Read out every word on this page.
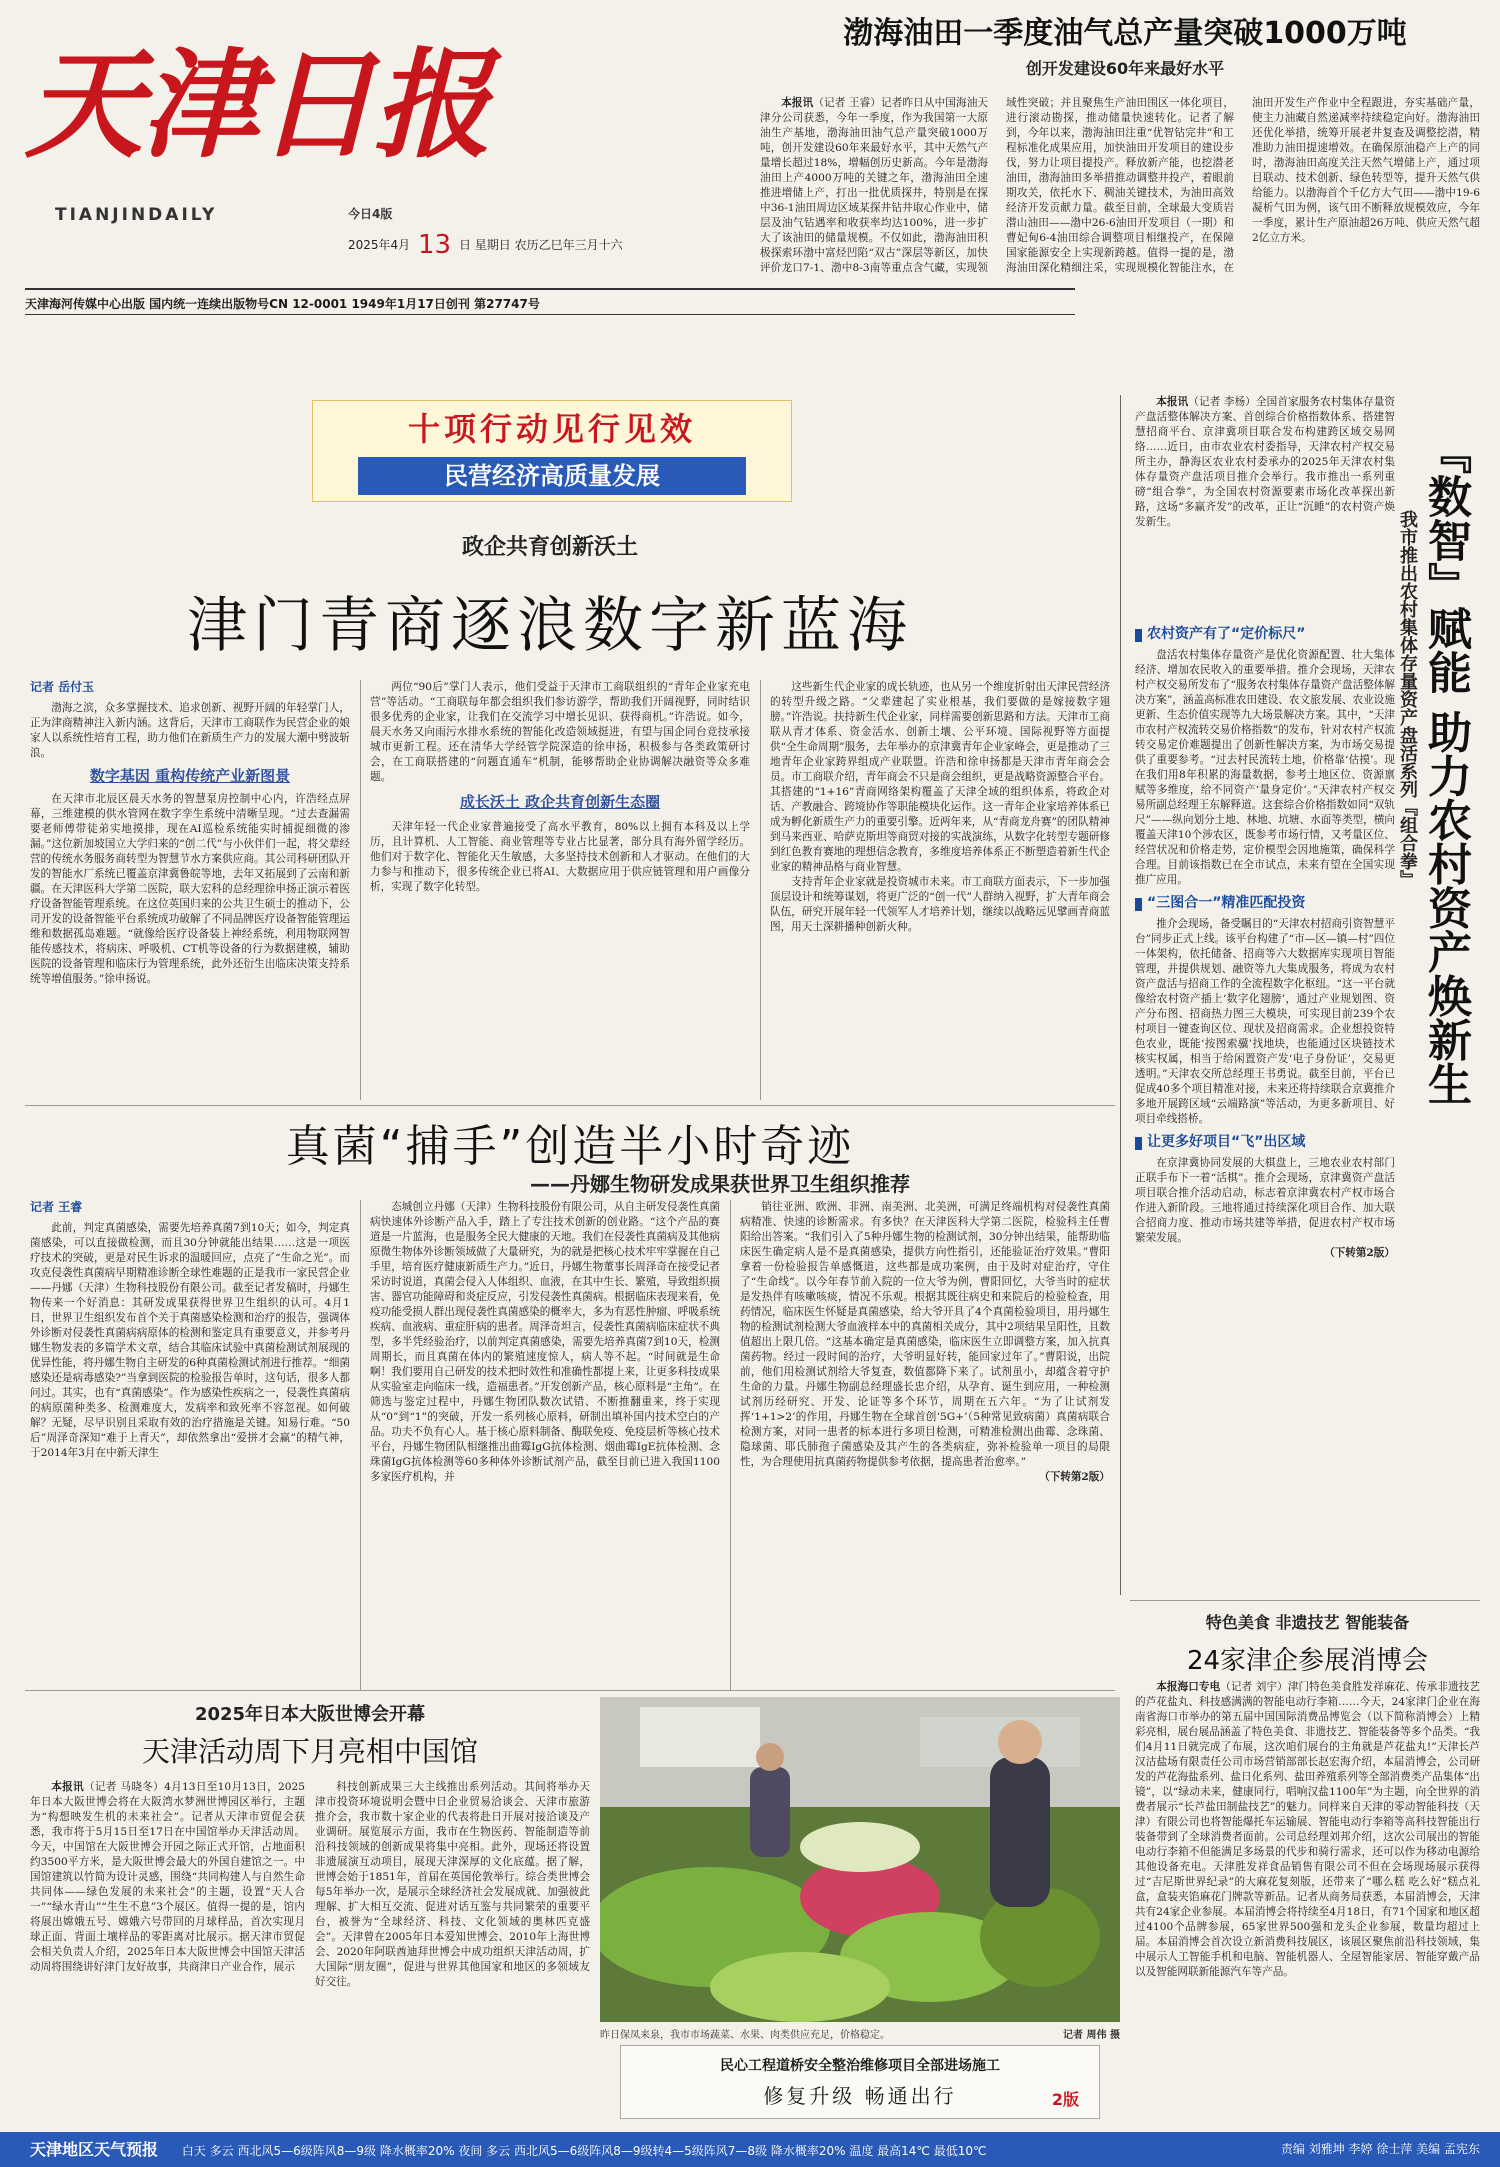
天津日报
TIANJINDAILY	今日4版
2025年4月 13 日 星期日 农历乙巳年三月十六
天津海河传媒中心出版 国内统一连续出版物号CN 12-0001 1949年1月17日创刊 第27747号
渤海油田一季度油气总产量突破1000万吨
创开发建设60年来最好水平

本报讯（记者 王睿）记者昨日从中国海油天津分公司获悉，今年一季度，作为我国第一大原油生产基地，渤海油田油气总产量突破1000万吨，创开发建设60年来最好水平，其中天然气产量增长超过18%，增幅创历史新高。今年是渤海油田上产4000万吨的关键之年，渤海油田全速推进增储上产，打出一批优质探井，特别是在探中36-1油田周边区域某探井钻井取心作业中，储层及油气钻遇率和收获率均达100%，进一步扩大了该油田的储量规模。不仅如此，渤海油田积极探索环渤中富烃凹陷“双古”深层等新区，加快评价龙口7-1、渤中8-3南等重点含气藏，实现领域性突破；并且聚焦生产油田围区一体化项目，进行滚动勘探，推动储量快速转化。记者了解到，今年以来，渤海油田注重“优智钻完井”和工程标准化成果应用，加快油田开发项目的建设步伐，努力让项目提投产。释放新产能，也挖潜老油田，渤海油田多举措推动调整井投产，着眼前期攻关，依托水下、稠油关键技术，为油田高效经济开发贡献力量。截至目前，全球最大变质岩潜山油田——渤中26-6油田开发项目（一期）和曹妃甸6-4油田综合调整项目相继投产，在保障国家能源安全上实现新跨越。值得一提的是，渤海油田深化精细注采，实现规模化智能注水，在油田开发生产作业中全程跟进，夯实基础产量，使主力油藏自然递减率持续稳定向好。渤海油田还优化举措，统筹开展老井复查及调整挖潜，精准助力油田提速增效。在确保原油稳产上产的同时，渤海油田高度关注天然气增储上产，通过项目联动、技术创新、绿色转型等，提升天然气供给能力。以渤海首个千亿方大气田——渤中19-6凝析气田为例，该气田不断释放规模效应，今年一季度，累计生产原油超26万吨、供应天然气超2亿立方米。

十项行动见行见效
民营经济高质量发展
政企共育创新沃土
津门青商逐浪数字新蓝海
记者 岳付玉

渤海之滨，众多掌握技术、追求创新、视野开阔的年轻掌门人，正为津商精神注入新内涵。这背后，天津市工商联作为民营企业的娘家人以系统性培育工程，助力他们在新质生产力的发展大潮中劈波斩浪。

数字基因 重构传统产业新图景

在天津市北辰区晨天水务的智慧泵房控制中心内，许浩经点屏幕，三维建模的供水管网在数字孪生系统中清晰呈现。“过去查漏需要老师傅带徒弟实地摸排，现在AI巡检系统能实时捕捉细微的渗漏。”这位新加坡国立大学归来的“创二代”与小伙伴们一起，将父辈经营的传统水务服务商转型为智慧节水方案供应商。其公司科研团队开发的智能水厂系统已覆盖京津冀鲁皖等地，去年又拓展到了云南和新疆。在天津医科大学第二医院，联大宏科的总经理徐申扬正演示着医疗设备智能管理系统。在这位英国归来的公共卫生硕士的推动下，公司开发的设备智能平台系统成功破解了不同品牌医疗设备智能管理运维和数据孤岛难题。“就像给医疗设备装上神经系统，利用物联网智能传感技术，将病床、呼吸机、CT机等设备的行为数据建模，辅助医院的设备管理和临床行为管理系统，此外还衍生出临床决策支持系统等增值服务。”徐申扬说。

两位“90后”掌门人表示，他们受益于天津市工商联组织的“青年企业家充电营”等活动。“工商联每年都会组织我们参访游学，帮助我们开阔视野，同时结识很多优秀的企业家，让我们在交流学习中增长见识、获得商机。”许浩说。如今，晨天水务又向雨污水排水系统的智能化改造领域挺进，有望与国企同台竞技承接城市更新工程。还在清华大学经管学院深造的徐申扬，积极参与各类政策研讨会，在工商联搭建的“问题直通车”机制，能够帮助企业协调解决融资等众多难题。

成长沃土 政企共育创新生态圈

天津年轻一代企业家普遍接受了高水平教育，80%以上拥有本科及以上学历，且计算机、人工智能、商业管理等专业占比显著，部分具有海外留学经历。他们对于数字化、智能化天生敏感，大多坚持技术创新和人才驱动。在他们的大力参与和推动下，很多传统企业已将AI、大数据应用于供应链管理和用户画像分析，实现了数字化转型。

这些新生代企业家的成长轨迹，也从另一个维度折射出天津民营经济的转型升级之路。“父辈建起了实业根基，我们要做的是嫁接数字翅膀。”许浩说。扶持新生代企业家，同样需要创新思路和方法。天津市工商联从青才体系、资金活水、创新土壤、公平环境、国际视野等方面提供“全生命周期”服务，去年举办的京津冀青年企业家峰会，更是推动了三地青年企业家跨界组成产业联盟。许浩和徐申扬都是天津市青年商会会员。市工商联介绍，青年商会不只是商会组织，更是战略资源整合平台。其搭建的“1+16”青商网络架构覆盖了天津全域的组织体系，将政企对话、产教融合、跨境协作等职能模块化运作。这一青年企业家培养体系已成为孵化新质生产力的重要引擎。近两年来，从“青商龙舟赛”的团队精神到马来西亚、哈萨克斯坦等商贸对接的实战演练，从数字化转型专题研修到红色教育赛地的理想信念教育，多维度培养体系正不断塑造着新生代企业家的精神品格与商业智慧。

支持青年企业家就是投资城市未来。市工商联方面表示，下一步加强顶层设计和统筹谋划，将更广泛的“创一代”人群纳入视野，扩大青年商会队伍，研究开展年轻一代领军人才培养计划，继续以战略远见擘画青商蓝图，用天土深耕播种创新火种。

本报讯（记者 李杨）全国首家服务农村集体存量资产盘活整体解决方案、首创综合价格指数体系、搭建智慧招商平台、京津冀项目联合发布构建跨区域交易网络……近日，由市农业农村委指导，天津农村产权交易所主办，静海区农业农村委承办的2025年天津农村集体存量资产盘活项目推介会举行。我市推出一系列重磅“组合拳”，为全国农村资源要素市场化改革探出新路，这场“多赢齐发”的改革，正让“沉睡”的农村资产焕发新生。	『数智』赋能 助力农村资产焕新生
我市推出农村集体存量资产盘活系列『组合拳』
农村资产有了“定价标尺”

盘活农村集体存量资产是优化资源配置、壮大集体经济、增加农民收入的重要举措。推介会现场，天津农村产权交易所发布了“服务农村集体存量资产盘活整体解决方案”，涵盖高标准农田建设、农文旅发展、农业设施更新、生态价值实现等九大场景解决方案。其中，“天津市农村产权流转交易价格指数”的发布，针对农村产权流转交易定价难题提出了创新性解决方案，为市场交易提供了重要参考。“过去村民流转土地，价格靠‘估摸’。现在我们用8年积累的海量数据，参考土地区位、资源禀赋等多维度，给不同资产‘量身定价’。”天津农村产权交易所副总经理王东解释道。这套综合价格指数如同“双轨尺”——纵向划分土地、林地、坑塘、水面等类型，横向覆盖天津10个涉农区，既参考市场行情，又考量区位、经营状况和价格走势，定价模型会因地施策，确保科学合理。目前该指数已在全市试点，未来有望在全国实现推广应用。

“三图合一”精准匹配投资

推介会现场，备受瞩目的“天津农村招商引资智慧平台”同步正式上线。该平台构建了“市—区—镇—村”四位一体架构，依托储备、招商等六大数据库实现项目智能管理，并提供规划、融资等九大集成服务，将成为农村资产盘活与招商工作的全流程数字化枢纽。“这一平台就像给农村资产插上‘数字化翅膀’，通过产业规划图、资产分布图、招商热力图三大模块，可实现目前239个农村项目一键查询区位、现状及招商需求。企业想投资特色农业，既能‘按图索骥’找地块，也能通过区块链技术核实权属，相当于给闲置资产发‘电子身份证’，交易更透明。”天津农交所总经理王书勇说。截至目前，平台已促成40多个项目精准对接，未来还将持续联合京冀推介多地开展跨区域“云端路演”等活动，为更多新项目、好项目牵线搭桥。

让更多好项目“飞”出区域

在京津冀协同发展的大棋盘上，三地农业农村部门正联手布下一着“活棋”。推介会现场，京津冀资产盘活项目联合推介活动启动，标志着京津冀农村产权市场合作进入新阶段。三地将通过持续深化项目合作、加大联合招商力度、推动市场共建等举措，促进农村产权市场繁荣发展。

（下转第2版）
真菌“捕手”创造半小时奇迹
——丹娜生物研发成果获世界卫生组织推荐
记者 王睿

此前，判定真菌感染，需要先培养真菌7到10天；如今，判定真菌感染，可以直接做检测，而且30分钟就能出结果……这是一项医疗技术的突破，更是对民生诉求的温暖回应，点亮了“生命之光”。而攻克侵袭性真菌病早期精准诊断全球性难题的正是我市一家民营企业——丹娜（天津）生物科技股份有限公司。截至记者发稿时，丹娜生物传来一个好消息：其研发成果获得世界卫生组织的认可。4月1日，世界卫生组织发布首个关于真菌感染检测和治疗的报告，强调体外诊断对侵袭性真菌病病原体的检测和鉴定具有重要意义，并参考丹娜生物发表的多篇学术文章，结合其临床试验中真菌检测试剂展现的优异性能，将丹娜生物自主研发的6种真菌检测试剂进行推荐。“细菌感染还是病毒感染?”当拿到医院的检验报告单时，这句话，很多人都问过。其实，也有“真菌感染”。作为感染性疾病之一，侵袭性真菌病的病原菌种类多、检测难度大，发病率和致死率不容忽视。如何破解？无疑，尽早识别且采取有效的治疗措施是关键。知易行难。“50后”周泽奇深知“难于上青天”，却依然拿出“爱拼才会赢”的精气神，于2014年3月在中新天津生

态城创立丹娜（天津）生物科技股份有限公司，从自主研发侵袭性真菌病快速体外诊断产品入手，踏上了专注技术创新的创业路。“这个产品的赛道是一片蓝海，也是服务全民大健康的天地。我们在侵袭性真菌病及其他病原微生物体外诊断领域做了大量研究，为的就是把核心技术牢牢掌握在自己手里，培育医疗健康新质生产力。”近日，丹娜生物董事长周泽奇在接受记者采访时说道，真菌会侵入人体组织、血液，在其中生长、繁殖，导致组织损害、器官功能障碍和炎症反应，引发侵袭性真菌病。根据临床表现来看，免疫功能受损人群出现侵袭性真菌感染的概率大，多为有恶性肿瘤、呼吸系统疾病、血液病、重症肝病的患者。周泽奇坦言，侵袭性真菌病临床症状不典型，多半凭经验治疗，以前判定真菌感染，需要先培养真菌7到10天，检测周期长，而且真菌在体内的繁殖速度惊人，病人等不起。“时间就是生命啊！我们要用自己研发的技术把时效性和准确性都提上来，让更多科技成果从实验室走向临床一线，造福患者。”开发创新产品，核心原料是“主角”。在筛选与鉴定过程中，丹娜生物团队数次试错、不断推翻重来，终于实现从“0”到“1”的突破，开发一系列核心原料，研制出填补国内技术空白的产品。功夫不负有心人。基于核心原料制备、酶联免疫、免疫层析等核心技术平台，丹娜生物团队相继推出曲霉IgG抗体检测、烟曲霉IgE抗体检测、念珠菌IgG抗体检测等60多种体外诊断试剂产品，截至目前已进入我国1100多家医疗机构，并

销往亚洲、欧洲、非洲、南美洲、北美洲，可满足终端机构对侵袭性真菌病精准、快速的诊断需求。有多快？在天津医科大学第二医院，检验科主任曹阳给出答案。“我们引入了5种丹娜生物的检测试剂，30分钟出结果，能帮助临床医生确定病人是不是真菌感染，提供方向性指引，还能验证治疗效果。”曹阳拿着一份检验报告单感慨道，这些都是成功案例，由于及时对症治疗，守住了“生命线”。以今年春节前入院的一位大爷为例，曹阳回忆，大爷当时的症状是发热伴有咳嗽咳痰，情况不乐观。根据其既往病史和来院后的检验检查，用药情况，临床医生怀疑是真菌感染，给大爷开具了4个真菌检验项目，用丹娜生物的检测试剂检测大爷血液样本中的真菌相关成分，其中2项结果呈阳性，且数值超出上限几倍。“这基本确定是真菌感染，临床医生立即调整方案，加入抗真菌药物。经过一段时间的治疗，大爷明显好转，能回家过年了。”曹阳说，出院前，他们用检测试剂给大爷复查，数值都降下来了。试剂虽小，却蕴含着守护生命的力量。丹娜生物副总经理盛长忠介绍，从孕育、诞生到应用，一种检测试剂历经研究、开发、论证等多个环节，周期在五六年。“为了让试剂发挥‘1+1>2’的作用，丹娜生物在全球首创‘5G+’（5种常见致病菌）真菌病联合检测方案，对同一患者的标本进行多项目检测，可精准检测出曲霉、念珠菌、隐球菌、耶氏肺孢子菌感染及其产生的各类病症，弥补检验单一项目的局限性，为合理使用抗真菌药物提供参考依据，提高患者治愈率。”

（下转第2版）
特色美食 非遗技艺 智能装备
24家津企参展消博会

本报海口专电（记者 刘宇）津门特色美食胜发祥麻花、传承非遗技艺的芦花盐丸、科技感满满的智能电动行李箱……今天，24家津门企业在海南省海口市举办的第五届中国国际消费品博览会（以下简称消博会）上精彩亮相，展台展品涵盖了特色美食、非遗技艺、智能装备等多个品类。“我们4月11日就完成了布展，这次咱们展台的主角就是芦花盐丸!”天津长芦汉沽盐场有限责任公司市场营销部部长赵宏海介绍，本届消博会，公司研发的芦花海盐系列、盐日化系列、盐田养殖系列等全部消费类产品集体“出镜”，以“绿动未来，健康同行，唱响汉盐1100年”为主题，向全世界的消费者展示“长芦盐田制盐技艺”的魅力。同样来自天津的零动智能科技（天津）有限公司也将智能爆托车运输展、智能电动行李箱等高科技智能出行装备带到了全球消费者面前。公司总经理刘邦介绍，这次公司展出的智能电动行李箱不但能满足多场景的代步和骑行需求，还可以作为移动电源给其他设备充电。天津胜发祥食品销售有限公司不但在会场现场展示获得过“吉尼斯世界纪录”的大麻花复刻版，还带来了“哪么糕 吃么好”糕点礼盒，盒装夹馅麻花门牌款等新品。记者从商务局获悉，本届消博会，天津共有24家企业参展。本届消博会将持续至4月18日，有71个国家和地区超过4100个品牌参展，65家世界500强和龙头企业参展，数量均超过上届。本届消博会首次设立新消费科技展区，该展区聚焦前沿科技领域，集中展示人工智能手机和电脑、智能机器人、全屋智能家居、智能穿戴产品以及智能网联新能源汽车等产品。

2025年日本大阪世博会开幕
天津活动周下月亮相中国馆

本报讯（记者 马晓冬）4月13日至10月13日，2025年日本大阪世博会将在大阪湾水梦洲世博园区举行，主题为“构想映发生机的未来社会”。记者从天津市贸促会获悉，我市将于5月15日至17日在中国馆举办天津活动周。今天，中国馆在大阪世博会开园之际正式开馆，占地面积约3500平方米，是大阪世博会最大的外国自建馆之一。中国馆建筑以竹简为设计灵感，围绕“共同构建人与自然生命共同体——绿色发展的未来社会”的主题，设置“天人合一”“绿水青山”“生生不息”3个展区。值得一提的是，馆内将展出嫦娥五号、嫦娥六号带回的月球样品，首次实现月球正面、背面土壤样品的零距离对比展示。据天津市贸促会相关负责人介绍，2025年日本大阪世博会中国馆天津活动周将围绕讲好津门友好故事，共商津日产业合作，展示

科技创新成果三大主线推出系列活动。其间将举办天津市投资环境说明会暨中日企业贸易洽谈会、天津市旅游推介会，我市数十家企业的代表将赴日开展对接洽谈及产业调研。展览展示方面，我市在生物医药、智能制造等前沿科技领域的创新成果将集中亮相。此外，现场还将设置非遗展演互动项目，展现天津深厚的文化底蕴。据了解，世博会始于1851年，首届在英国伦敦举行。综合类世博会每5年举办一次，是展示全球经济社会发展成就、加强彼此理解、扩大相互交流、促进对话互鉴与共同繁荣的重要平台，被誉为“全球经济、科技、文化领域的奥林匹克盛会”。天津曾在2005年日本爱知世博会、2010年上海世博会、2020年阿联酋迪拜世博会中成功组织天津活动周，扩大国际“朋友圈”，促进与世界其他国家和地区的多领域友好交往。

昨日保凤来泉，我市市场蔬菜、水果、肉类供应充足，价格稳定。	记者 周伟 摄
民心工程道桥安全整治维修项目全部进场施工
修复升级 畅通出行	2版
天津地区天气预报 白天 多云 西北风5—6级阵风8—9级 降水概率20% 夜间 多云 西北风5—6级阵风8—9级转4—5级阵风7—8级 降水概率20% 温度 最高14℃ 最低10℃	责编 刘雅坤 李婷 徐士萍 美编 孟宪东
